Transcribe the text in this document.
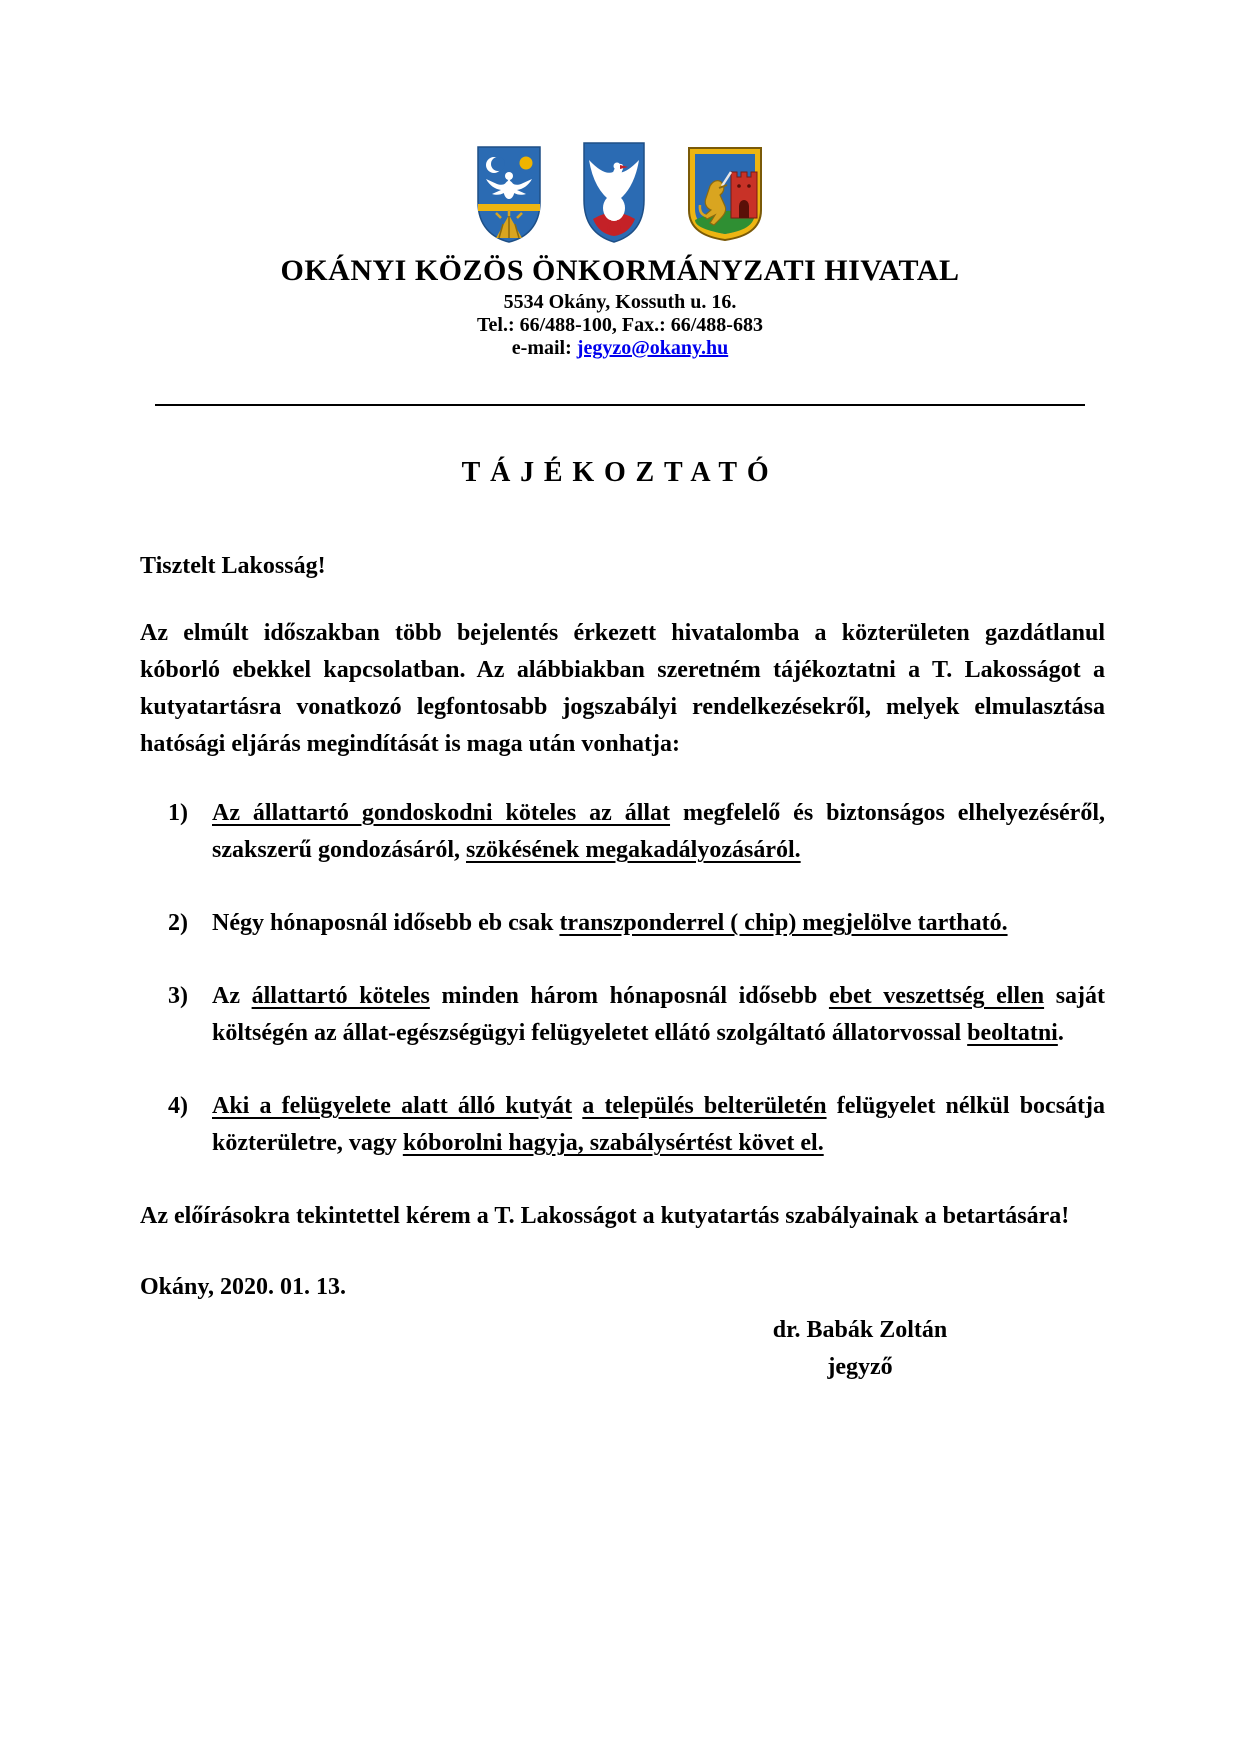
OKÁNYI KÖZÖS ÖNKORMÁNYZATI HIVATAL
5534 Okány, Kossuth u. 16.
Tel.: 66/488-100, Fax.: 66/488-683
e-mail: jegyzo@okany.hu
TÁJÉKOZTATÓ
Tisztelt Lakosság!
Az elmúlt időszakban több bejelentés érkezett hivatalomba a közterületen gazdátlanul kóborló ebekkel kapcsolatban. Az alábbiakban szeretném tájékoztatni a T. Lakosságot a kutyatartásra vonatkozó legfontosabb jogszabályi rendelkezésekről, melyek elmulasztása hatósági eljárás megindítását is maga után vonhatja:
1) Az állattartó gondoskodni köteles az állat megfelelő és biztonságos elhelyezéséről, szakszerű gondozásáról, szökésének megakadályozásáról.
2) Négy hónaposnál idősebb eb csak transzponderrel ( chip) megjelölve tartható.
3) Az állattartó köteles minden három hónaposnál idősebb ebet veszettség ellen saját költségén az állat-egészségügyi felügyeletet ellátó szolgáltató állatorvossal beoltatni.
4) Aki a felügyelete alatt álló kutyát a település belterületén felügyelet nélkül bocsátja közterületre, vagy kóborolni hagyja, szabálysértést követ el.
Az előírásokra tekintettel kérem a T. Lakosságot a kutyatartás szabályainak a betartására!
Okány, 2020. 01. 13.
dr. Babák Zoltán
jegyző
